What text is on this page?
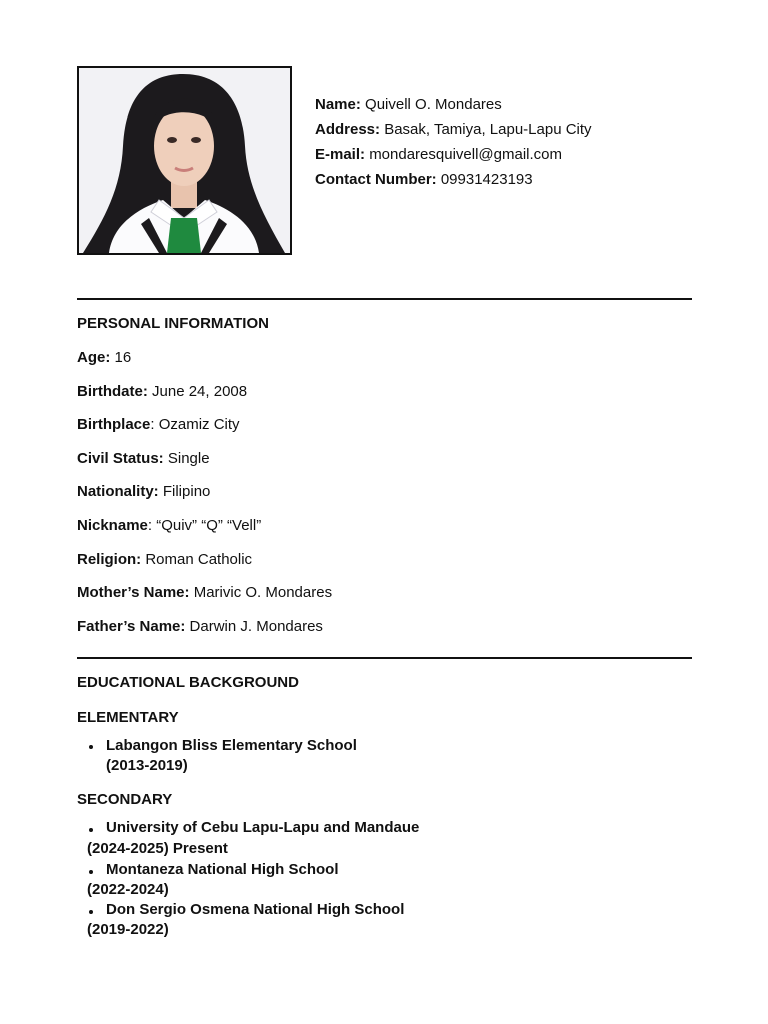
Name: Quivell O. Mondares
Address: Basak, Tamiya, Lapu-Lapu City
E-mail: mondaresquivell@gmail.com
Contact Number: 09931423193
PERSONAL INFORMATION
Age: 16
Birthdate: June 24, 2008
Birthplace: Ozamiz City
Civil Status: Single
Nationality: Filipino
Nickname: “Quiv” “Q” “Vell”
Religion: Roman Catholic
Mother’s Name: Marivic O. Mondares
Father’s Name: Darwin J. Mondares
EDUCATIONAL BACKGROUND
ELEMENTARY
Labangon Bliss Elementary School
(2013-2019)
SECONDARY
University of Cebu Lapu-Lapu and Mandaue
(2024-2025) Present
Montaneza National High School
(2022-2024)
Don Sergio Osmena National High School
(2019-2022)
